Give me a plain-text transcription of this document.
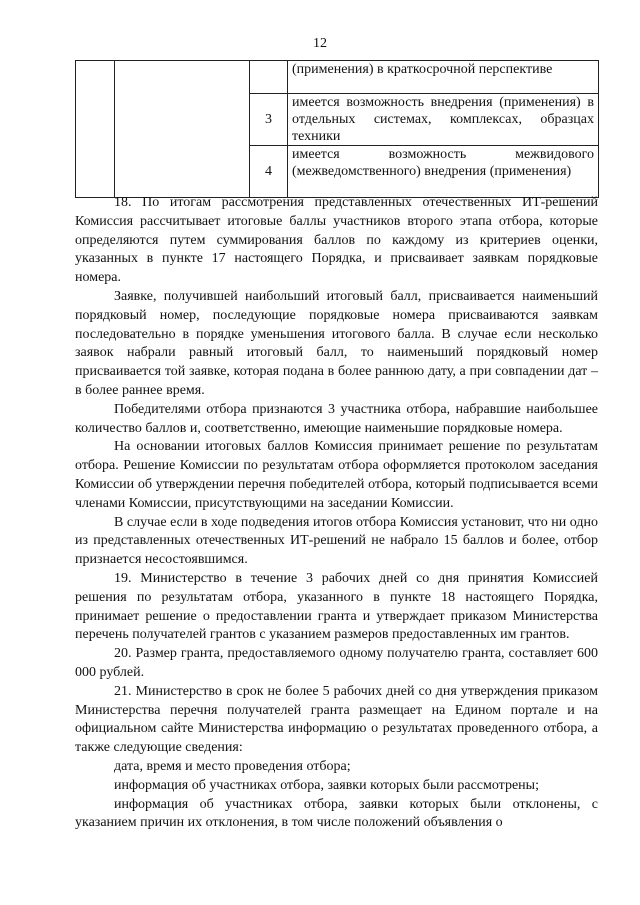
12
			(применения) в краткосрочной перспективе
		3	имеется возможность внедрения (применения) в отдельных системах, комплексах, образцах техники
		4	имеется возможность межвидового (межведомственного) внедрения (применения)

18. По итогам рассмотрения представленных отечественных ИТ-решений Комиссия рассчитывает итоговые баллы участников второго этапа отбора, которые определяются путем суммирования баллов по каждому из критериев оценки, указанных в пункте 17 настоящего Порядка, и присваивает заявкам порядковые номера.

Заявке, получившей наибольший итоговый балл, присваивается наименьший порядковый номер, последующие порядковые номера присваиваются заявкам последовательно в порядке уменьшения итогового балла. В случае если несколько заявок набрали равный итоговый балл, то наименьший порядковый номер присваивается той заявке, которая подана в более раннюю дату, а при совпадении дат – в более раннее время.

Победителями отбора признаются 3 участника отбора, набравшие наибольшее количество баллов и, соответственно, имеющие наименьшие порядковые номера.

На основании итоговых баллов Комиссия принимает решение по результатам отбора. Решение Комиссии по результатам отбора оформляется протоколом заседания Комиссии об утверждении перечня победителей отбора, который подписывается всеми членами Комиссии, присутствующими на заседании Комиссии.

В случае если в ходе подведения итогов отбора Комиссия установит, что ни одно из представленных отечественных ИТ-решений не набрало 15 баллов и более, отбор признается несостоявшимся.

19. Министерство в течение 3 рабочих дней со дня принятия Комиссией решения по результатам отбора, указанного в пункте 18 настоящего Порядка, принимает решение о предоставлении гранта и утверждает приказом Министерства перечень получателей грантов с указанием размеров предоставленных им грантов.

20. Размер гранта, предоставляемого одному получателю гранта, составляет 600 000 рублей.

21. Министерство в срок не более 5 рабочих дней со дня утверждения приказом Министерства перечня получателей гранта размещает на Едином портале и на официальном сайте Министерства информацию о результатах проведенного отбора, а также следующие сведения:

дата, время и место проведения отбора;

информация об участниках отбора, заявки которых были рассмотрены;

информация об участниках отбора, заявки которых были отклонены, с указанием причин их отклонения, в том числе положений объявления о
